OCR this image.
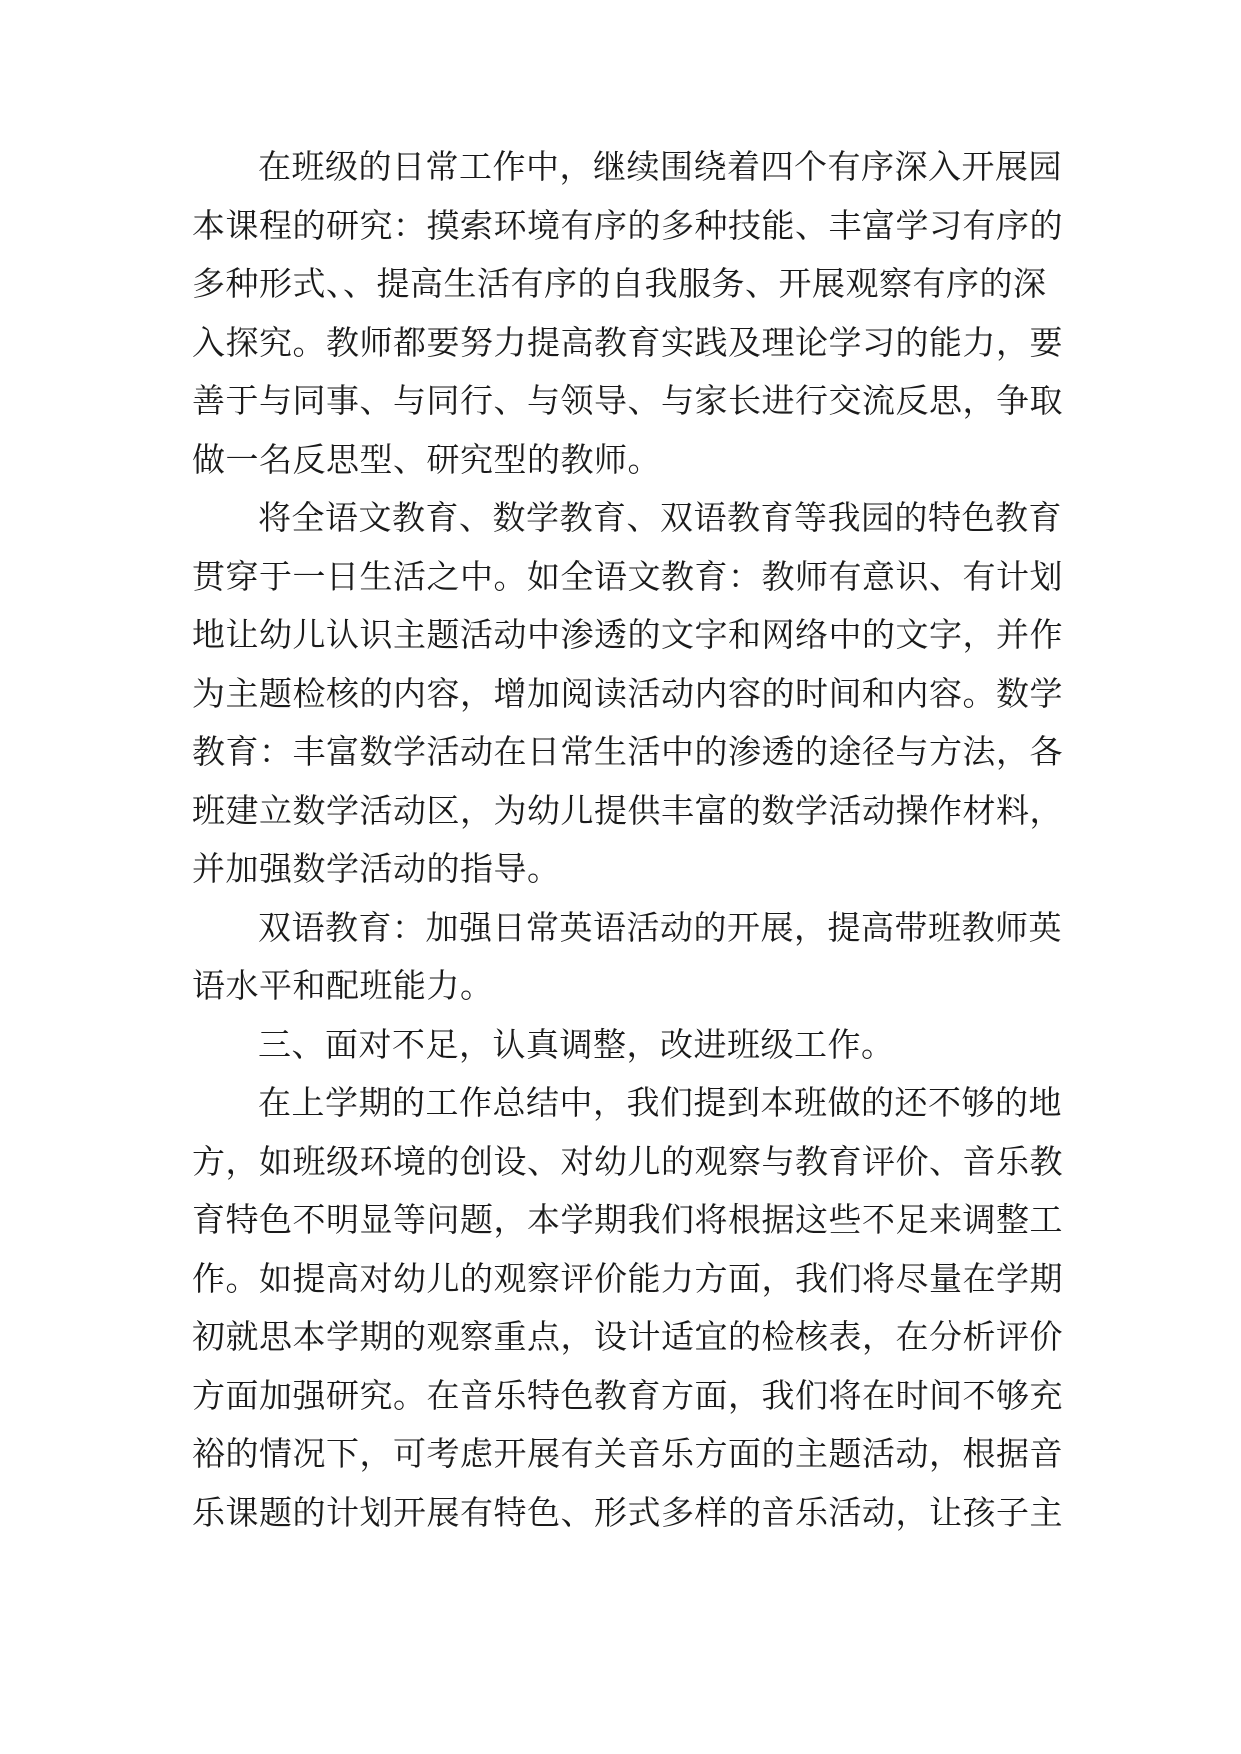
在班级的日常工作中，继续围绕着四个有序深入开展园
本课程的研究：摸索环境有序的多种技能、丰富学习有序的
多种形式、、提高生活有序的自我服务、开展观察有序的深
入探究。教师都要努力提高教育实践及理论学习的能力，要
善于与同事、与同行、与领导、与家长进行交流反思，争取
做一名反思型、研究型的教师。
将全语文教育、数学教育、双语教育等我园的特色教育
贯穿于一日生活之中。如全语文教育：教师有意识、有计划
地让幼儿认识主题活动中渗透的文字和网络中的文字，并作
为主题检核的内容，增加阅读活动内容的时间和内容。数学
教育：丰富数学活动在日常生活中的渗透的途径与方法，各
班建立数学活动区，为幼儿提供丰富的数学活动操作材料，
并加强数学活动的指导。
双语教育：加强日常英语活动的开展，提高带班教师英
语水平和配班能力。
三、面对不足，认真调整，改进班级工作。
在上学期的工作总结中，我们提到本班做的还不够的地
方，如班级环境的创设、对幼儿的观察与教育评价、音乐教
育特色不明显等问题，本学期我们将根据这些不足来调整工
作。如提高对幼儿的观察评价能力方面，我们将尽量在学期
初就思本学期的观察重点，设计适宜的检核表，在分析评价
方面加强研究。在音乐特色教育方面，我们将在时间不够充
裕的情况下，可考虑开展有关音乐方面的主题活动，根据音
乐课题的计划开展有特色、形式多样的音乐活动，让孩子主
